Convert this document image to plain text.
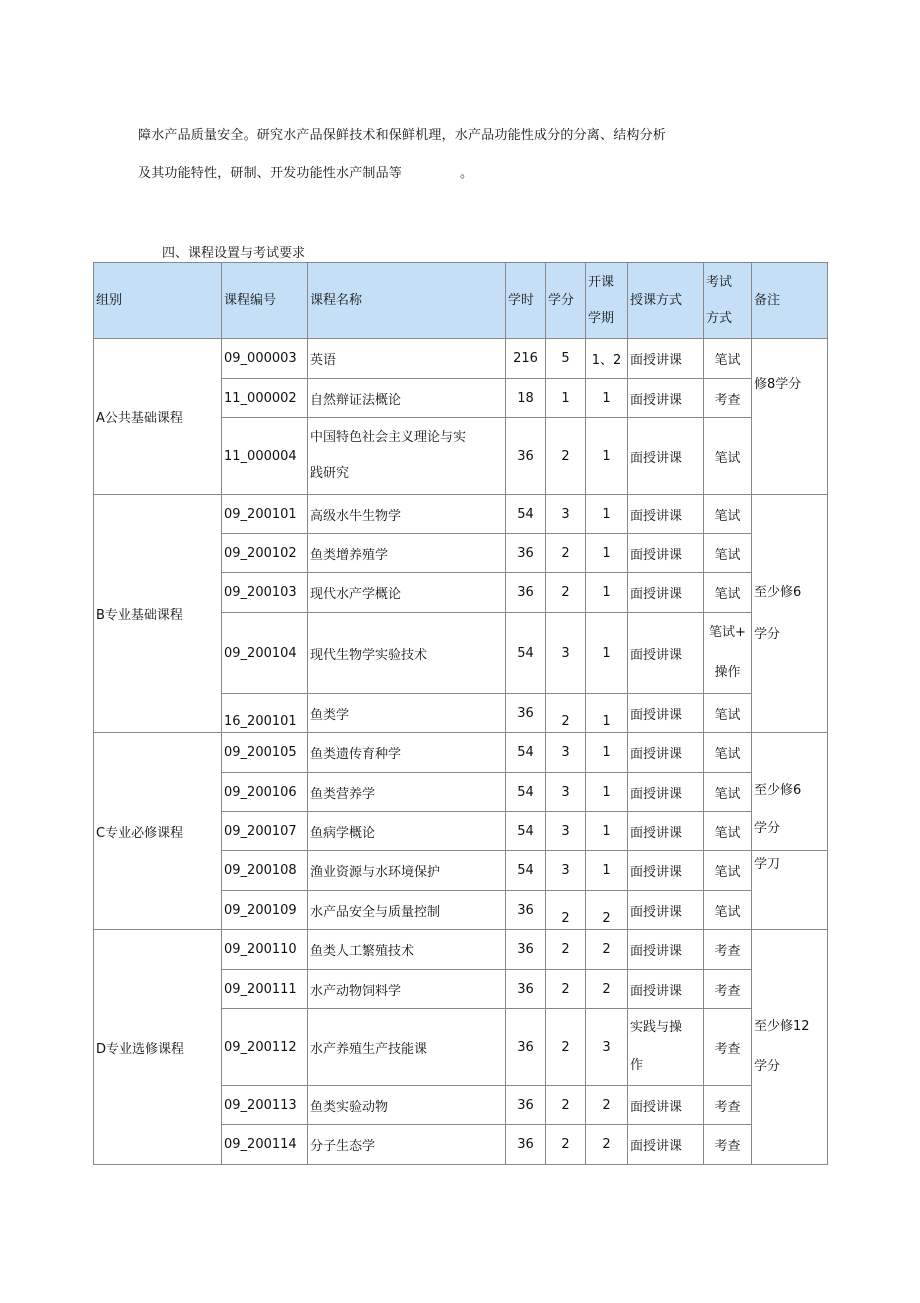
障水产品质量安全。研究水产品保鲜技术和保鲜机理，水产品功能性成分的分离、结构分析
及其功能特性，研制、开发功能性水产制品等	。
四、课程设置与考试要求
组别	课程编号	课程名称	学时	学分	开课
学期	授课方式	考试
方式	备注
A公共基础课程	09_000003	英语	216	5	1、2	面授讲课	笔试	修8学分
	11_000002	自然辩证法概论	18	1	1	面授讲课	考查	
	11_000004	中国特色社会主义理论与实
践研究	36	2	1	面授讲课	笔试	
B专业基础课程	09_200101	高级水牛生物学	54	3	1	面授讲课	笔试	至少修6
学分

	09_200102	鱼类增养殖学	36	2	1	面授讲课	笔试	
	09_200103	现代水产学概论	36	2	1	面授讲课	笔试	
	09_200104	现代生物学实验技术	54	3	1	面授讲课	笔试+
操作	

	16_200101	鱼类学	36	2	1	面授讲课	笔试	
C专业必修课程	09_200105	鱼类遗传育种学	54	3	1	面授讲课	笔试	至少修6
学分

	09_200106	鱼类营养学	54	3	1	面授讲课	笔试	
	09_200107	鱼病学概论	54	3	1	面授讲课	笔试	
	09_200108	渔业资源与水环境保护	54	3	1	面授讲课	笔试	学刀
	09_200109	水产品安全与质量控制	36	2	2	面授讲课	笔试	
D专业选修课程	09_200110	鱼类人工繁殖技术	36	2	2	面授讲课	考查	至少修12
学分

	09_200111	水产动物饲料学	36	2	2	面授讲课	考查	
	09_200112	水产养殖生产技能课	36	2	3	实践与操
作	考查	
	09_200113	鱼类实验动物	36	2	2	面授讲课	考查	
	09_200114	分子生态学	36	2	2	面授讲课	考查	
